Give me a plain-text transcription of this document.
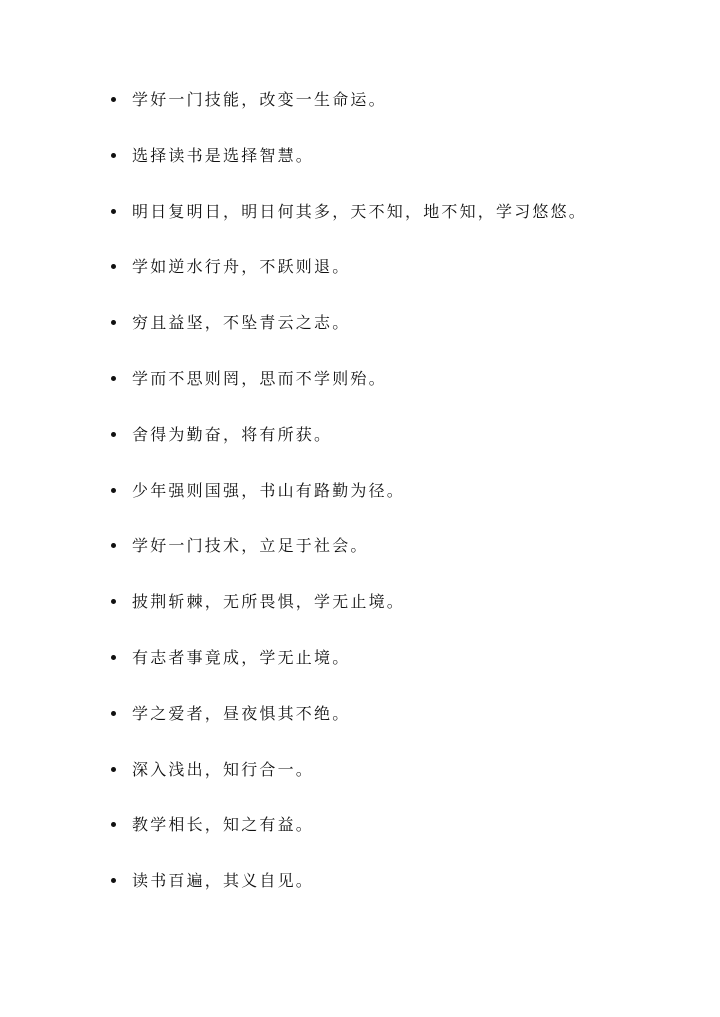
学好一门技能，改变一生命运。
选择读书是选择智慧。
明日复明日，明日何其多，天不知，地不知，学习悠悠。
学如逆水行舟，不跃则退。
穷且益坚，不坠青云之志。
学而不思则罔，思而不学则殆。
舍得为勤奋，将有所获。
少年强则国强，书山有路勤为径。
学好一门技术，立足于社会。
披荆斩棘，无所畏惧，学无止境。
有志者事竟成，学无止境。
学之爱者，昼夜惧其不绝。
深入浅出，知行合一。
教学相长，知之有益。
读书百遍，其义自见。
